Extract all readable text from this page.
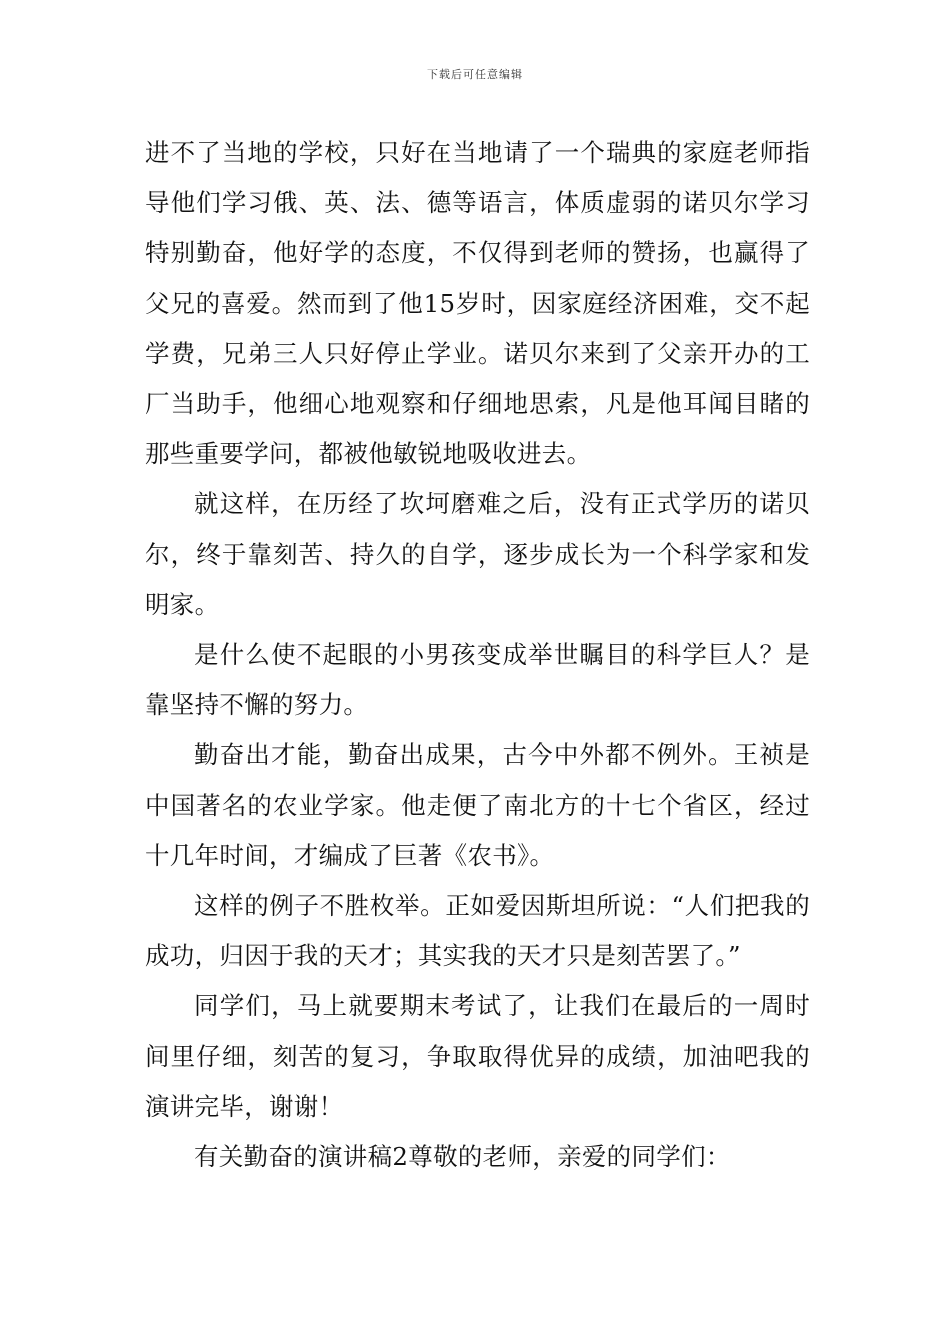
下载后可任意编辑

进不了当地的学校，只好在当地请了一个瑞典的家庭老师指导他们学习俄、英、法、德等语言，体质虚弱的诺贝尔学习特别勤奋，他好学的态度，不仅得到老师的赞扬，也赢得了父兄的喜爱。然而到了他15岁时，因家庭经济困难，交不起学费，兄弟三人只好停止学业。诺贝尔来到了父亲开办的工厂当助手，他细心地观察和仔细地思索，凡是他耳闻目睹的那些重要学问，都被他敏锐地吸收进去。

就这样，在历经了坎坷磨难之后，没有正式学历的诺贝尔，终于靠刻苦、持久的自学，逐步成长为一个科学家和发明家。

是什么使不起眼的小男孩变成举世瞩目的科学巨人？是靠坚持不懈的努力。

勤奋出才能，勤奋出成果，古今中外都不例外。王祯是中国著名的农业学家。他走便了南北方的十七个省区，经过十几年时间，才编成了巨著《农书》。

这样的例子不胜枚举。正如爱因斯坦所说：“人们把我的成功，归因于我的天才；其实我的天才只是刻苦罢了。”

同学们，马上就要期末考试了，让我们在最后的一周时间里仔细，刻苦的复习，争取取得优异的成绩，加油吧我的演讲完毕，谢谢！

有关勤奋的演讲稿2尊敬的老师，亲爱的同学们：
